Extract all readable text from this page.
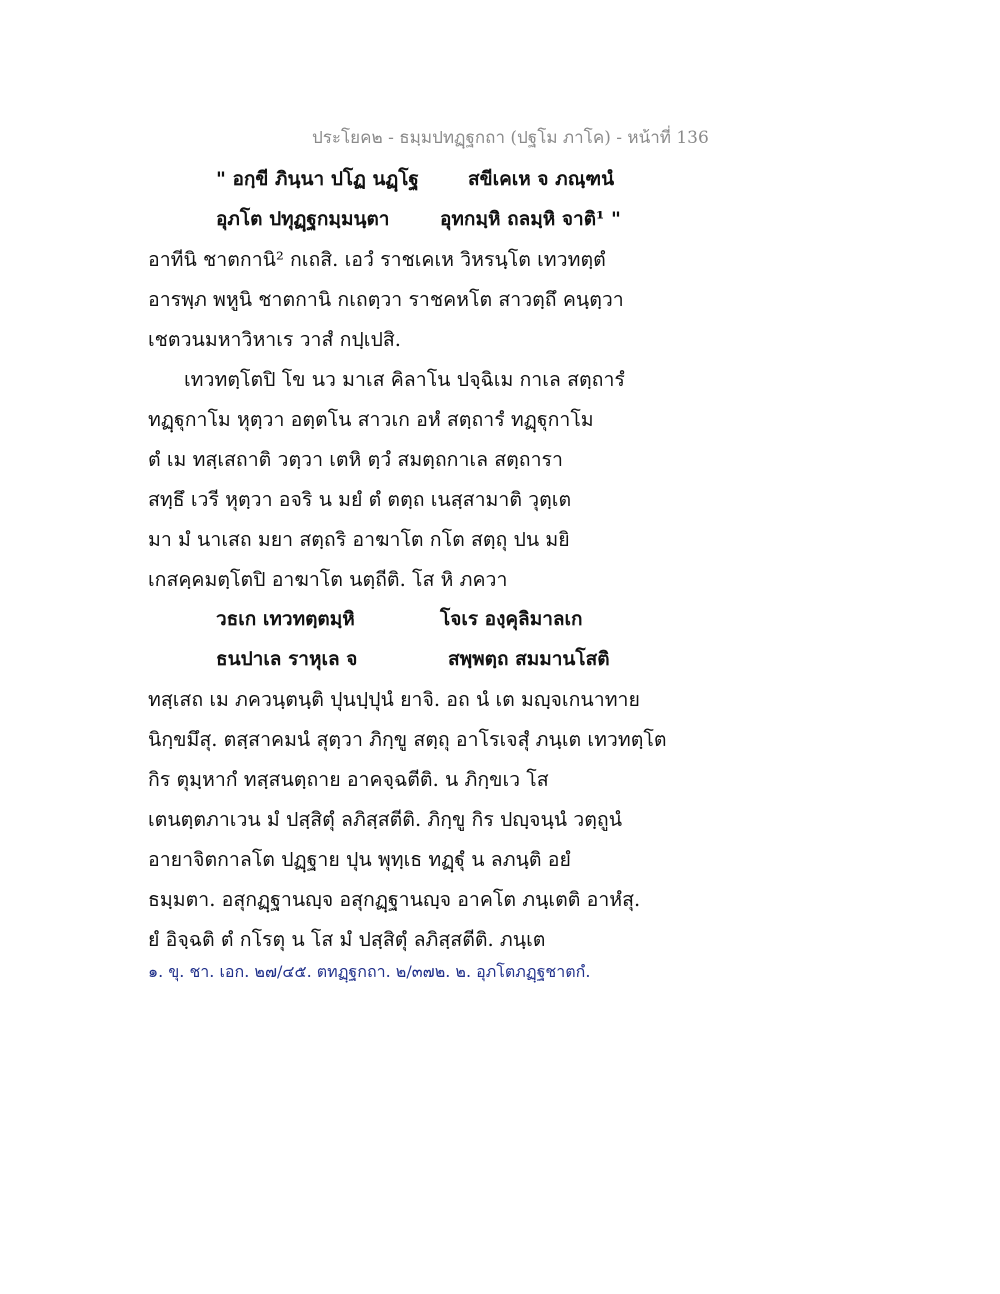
ประโยค๒ - ธมฺมปทฏฺฐกถา (ปฐโม ภาโค) - หน้าที่ 136
" อกฺขี ภินฺนา ปโฏ นฏฺโฐ	สขีเคเห จ ภณฺฑนํ
อุภโต ปทุฏฺฐกมฺมนฺตา	อุทกมฺหิ ถลมฺหิ จาติ¹ "
อาทีนิ ชาตกานิ² กเถสิ. เอวํ ราชเคเห วิหรนฺโต เทวทตฺตํ
อารพฺภ พหูนิ ชาตกานิ กเถตฺวา ราชคหโต สาวตฺถึ คนฺตฺวา
เชตวนมหาวิหาเร วาสํ กปฺเปสิ.
เทวทตฺโตปิ โข นว มาเส คิลาโน ปจฺฉิเม กาเล สตฺถารํ
ทฏฺฐุกาโม หุตฺวา อตฺตโน สาวเก อหํ สตฺถารํ ทฏฺฐุกาโม
ตํ เม ทสฺเสถาติ วตฺวา เตหิ ตฺวํ สมตฺถกาเล สตฺถารา
สทฺธึ เวรี หุตฺวา อจริ น มยํ ตํ ตตฺถ เนสฺสามาติ วุตฺเต
มา มํ นาเสถ มยา สตฺถริ อาฆาโต กโต สตฺถุ ปน มยิ
เกสคฺคมตฺโตปิ อาฆาโต นตฺถีติ. โส หิ ภควา
วธเก เทวทตฺตมฺหิ	โจเร องฺคุลิมาลเก
ธนปาเล ราหุเล จ	สพฺพตฺถ สมมานโสติ
ทสฺเสถ เม ภควนฺตนฺติ ปุนปฺปุนํ ยาจิ. อถ นํ เต มญฺจเกนาทาย
นิกฺขมึสุ. ตสฺสาคมนํ สุตฺวา ภิกฺขู สตฺถุ อาโรเจสุํ ภนฺเต เทวทตฺโต
กิร ตุมฺหากํ ทสฺสนตฺถาย อาคจฺฉตีติ. น ภิกฺขเว โส
เตนตฺตภาเวน มํ ปสฺสิตุํ ลภิสฺสตีติ. ภิกฺขู กิร ปญฺจนฺนํ วตฺถูนํ
อายาจิตกาลโต ปฏฺฐาย ปุน พุทฺเธ ทฏฺฐุํ น ลภนฺติ อยํ
ธมฺมตา. อสุกฏฺฐานญฺจ อสุกฏฺฐานญฺจ อาคโต ภนฺเตติ อาหํสุ.
ยํ อิจฺฉติ ตํ กโรตุ น โส มํ ปสฺสิตุํ ลภิสฺสตีติ. ภนฺเต
๑. ขุ. ชา. เอก. ๒๗/๔๕. ตทฏฺฐกถา. ๒/๓๗๒. ๒. อุภโตภฏฺฐชาตกํ.
